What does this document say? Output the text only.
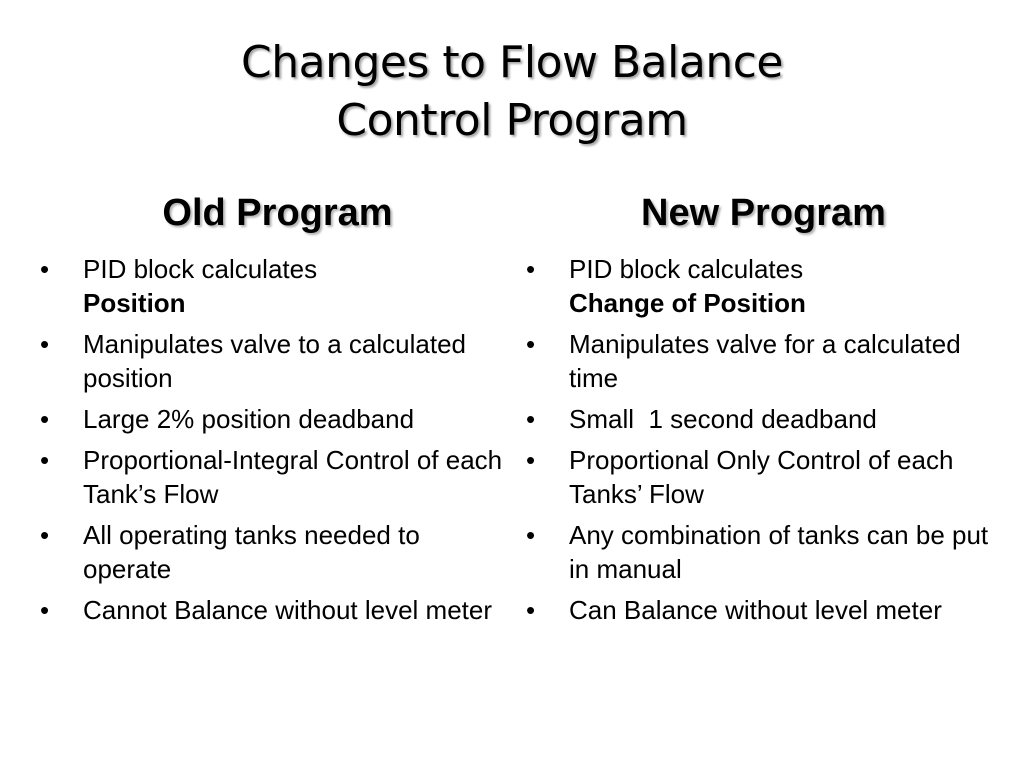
Changes to Flow Balance
Control Program
Old Program
•	PID block calculates
Position
•	Manipulates valve to a calculated position
•	Large 2% position deadband
•	Proportional-Integral Control of each Tank’s Flow
•	All operating tanks needed to operate
•	Cannot Balance without level meter
New Program
•	PID block calculates
Change of Position
•	Manipulates valve for a calculated time
•	Small  1 second deadband
•	Proportional Only Control of each Tanks’ Flow
•	Any combination of tanks can be put in manual
•	Can Balance without level meter
